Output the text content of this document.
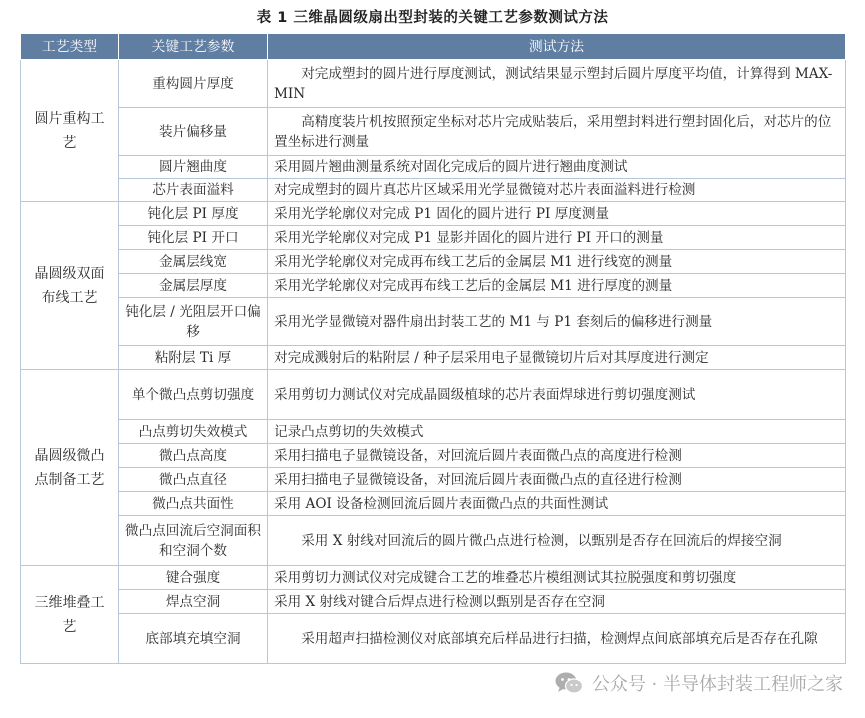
表 1 三维晶圆级扇出型封装的关键工艺参数测试方法
工艺类型	关键工艺参数	测试方法
圆片重构工艺	重构圆片厚度	对完成塑封的圆片进行厚度测试，测试结果显示塑封后圆片厚度平均值，计算得到 MAX-MIN
	装片偏移量	高精度装片机按照预定坐标对芯片完成贴装后，采用塑封料进行塑封固化后，对芯片的位置坐标进行测量
	圆片翘曲度	采用圆片翘曲测量系统对固化完成后的圆片进行翘曲度测试
	芯片表面溢料	对完成塑封的圆片真芯片区域采用光学显微镜对芯片表面溢料进行检测
晶圆级双面布线工艺	钝化层 PI 厚度	采用光学轮廓仪对完成 P1 固化的圆片进行 PI 厚度测量
	钝化层 PI 开口	采用光学轮廓仪对完成 P1 显影并固化的圆片进行 PI 开口的测量
	金属层线宽	采用光学轮廓仪对完成再布线工艺后的金属层 M1 进行线宽的测量
	金属层厚度	采用光学轮廓仪对完成再布线工艺后的金属层 M1 进行厚度的测量
	钝化层 / 光阻层开口偏移	采用光学显微镜对器件扇出封装工艺的 M1 与 P1 套刻后的偏移进行测量
	粘附层 Ti 厚	对完成溅射后的粘附层 / 种子层采用电子显微镜切片后对其厚度进行测定
晶圆级微凸点制备工艺	单个微凸点剪切强度	采用剪切力测试仪对完成晶圆级植球的芯片表面焊球进行剪切强度测试
	凸点剪切失效模式	记录凸点剪切的失效模式
	微凸点高度	采用扫描电子显微镜设备，对回流后圆片表面微凸点的高度进行检测
	微凸点直径	采用扫描电子显微镜设备，对回流后圆片表面微凸点的直径进行检测
	微凸点共面性	采用 AOI 设备检测回流后圆片表面微凸点的共面性测试
	微凸点回流后空洞面积和空洞个数	采用 X 射线对回流后的圆片微凸点进行检测，以甄别是否存在回流后的焊接空洞
三维堆叠工艺	键合强度	采用剪切力测试仪对完成键合工艺的堆叠芯片模组测试其拉脱强度和剪切强度
	焊点空洞	采用 X 射线对键合后焊点进行检测以甄别是否存在空洞
	底部填充填空洞	采用超声扫描检测仪对底部填充后样品进行扫描，检测焊点间底部填充后是否存在孔隙
公众号 · 半导体封装工程师之家
